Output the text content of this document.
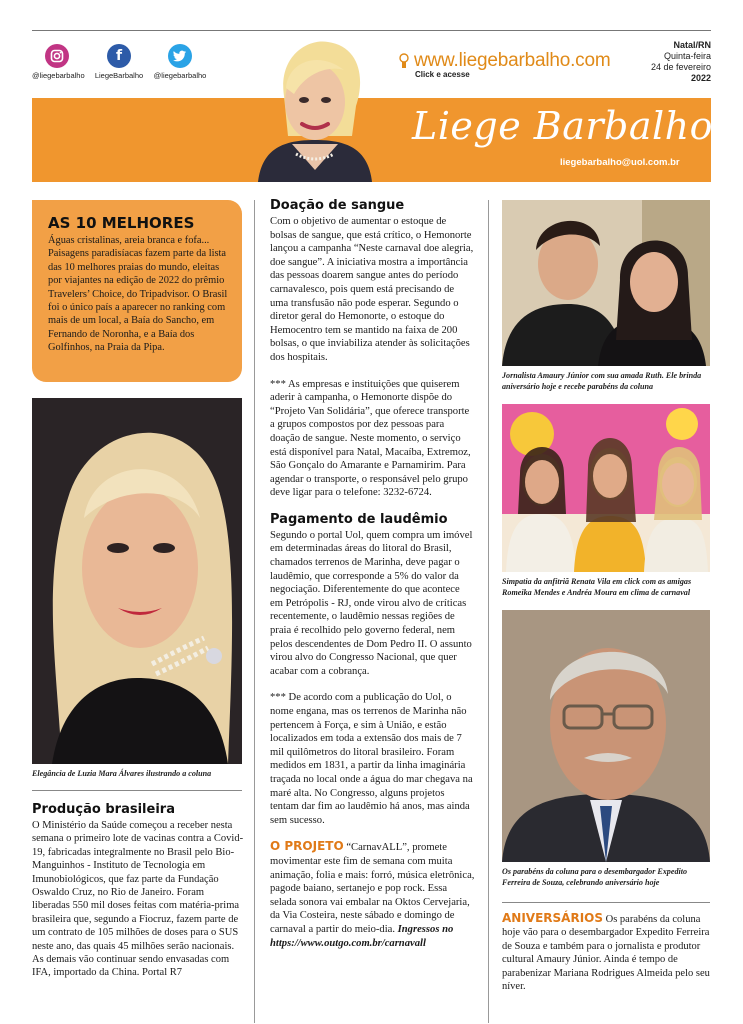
@liegebarbalho
f
LiegeBarbalho @liegebarbalho
www.liegebarbalho.com
Click e acesse
Natal/RN
Quinta-feira
24 de fevereiro
2022
Liege Barbalho
liegebarbalho@uol.com.br
AS 10 MELHORES

Águas cristalinas, areia branca e fofa... Paisagens paradisíacas fazem parte da lista das 10 melhores praias do mundo, eleitas por viajantes na edição de 2022 do prêmio Travelers’ Choice, do Tripadvisor. O Brasil foi o único país a aparecer no ranking com mais de um local, a Baía do Sancho, em Fernando de Noronha, e a Baía dos Golfinhos, na Praia da Pipa.

Elegância de Luzia Mara Álvares ilustrando a coluna
Produção brasileira

O Ministério da Saúde começou a receber nesta semana o primeiro lote de vacinas contra a Covid-19, fabricadas integralmente no Brasil pelo Bio-Manguinhos - Instituto de Tecnologia em Imunobiológicos, que faz parte da Fundação Oswaldo Cruz, no Rio de Janeiro. Foram liberadas 550 mil doses feitas com matéria-prima brasileira que, segundo a Fiocruz, fazem parte de um contrato de 105 milhões de doses para o SUS neste ano, das quais 45 milhões serão nacionais. As demais vão continuar sendo envasadas com IFA, importado da China. Portal R7

Doação de sangue

Com o objetivo de aumentar o estoque de bolsas de sangue, que está crítico, o Hemonorte lançou a campanha “Neste carnaval doe alegria, doe sangue”. A iniciativa mostra a importância das pessoas doarem sangue antes do período carnavalesco, pois quem está precisando de uma transfusão não pode esperar. Segundo o diretor geral do Hemonorte, o estoque do Hemocentro tem se mantido na faixa de 200 bolsas, o que inviabiliza atender às solicitações dos hospitais.

*** As empresas e instituições que quiserem aderir à campanha, o Hemonorte dispõe do “Projeto Van Solidária”, que oferece transporte a grupos compostos por dez pessoas para doação de sangue. Neste momento, o serviço está disponível para Natal, Macaíba, Extremoz, São Gonçalo do Amarante e Parnamirim. Para agendar o transporte, o responsável pelo grupo deve ligar para o telefone: 3232-6724.

Pagamento de laudêmio

Segundo o portal Uol, quem compra um imóvel em determinadas áreas do litoral do Brasil, chamados terrenos de Marinha, deve pagar o laudêmio, que corresponde a 5% do valor da negociação. Diferentemente do que acontece em Petrópolis - RJ, onde virou alvo de críticas recentemente, o laudêmio nessas regiões de praia é recolhido pelo governo federal, nem pelos descendentes de Dom Pedro II. O assunto virou alvo do Congresso Nacional, que quer acabar com a cobrança.

*** De acordo com a publicação do Uol, o nome engana, mas os terrenos de Marinha não pertencem à Força, e sim à União, e estão localizados em toda a extensão dos mais de 7 mil quilômetros do litoral brasileiro. Foram medidos em 1831, a partir da linha imaginária traçada no local onde a água do mar chegava na maré alta. No Congresso, alguns projetos tentam dar fim ao laudêmio há anos, mas ainda sem sucesso.

O PROJETO “CarnavALL”, promete movimentar este fim de semana com muita animação, folia e mais: forró, música eletrônica, pagode baiano, sertanejo e pop rock. Essa selada sonora vai embalar na Oktos Cervejaria, da Via Costeira, neste sábado e domingo de carnaval a partir do meio-dia. Ingressos no https://www.outgo.com.br/carnavall

Jornalista Amaury Júnior com sua amada Ruth. Ele brinda aniversário hoje e recebe parabéns da coluna
Simpatia da anfitriã Renata Vila em click com as amigas Romeika Mendes e Andréa Moura em clima de carnaval
Os parabéns da coluna para o desembargador Expedito Ferreira de Souza, celebrando aniversário hoje

ANIVERSÁRIOS Os parabéns da coluna hoje vão para o desembargador Expedito Ferreira de Souza e também para o jornalista e produtor cultural Amaury Júnior. Ainda é tempo de parabenizar Mariana Rodrigues Almeida pelo seu níver.
